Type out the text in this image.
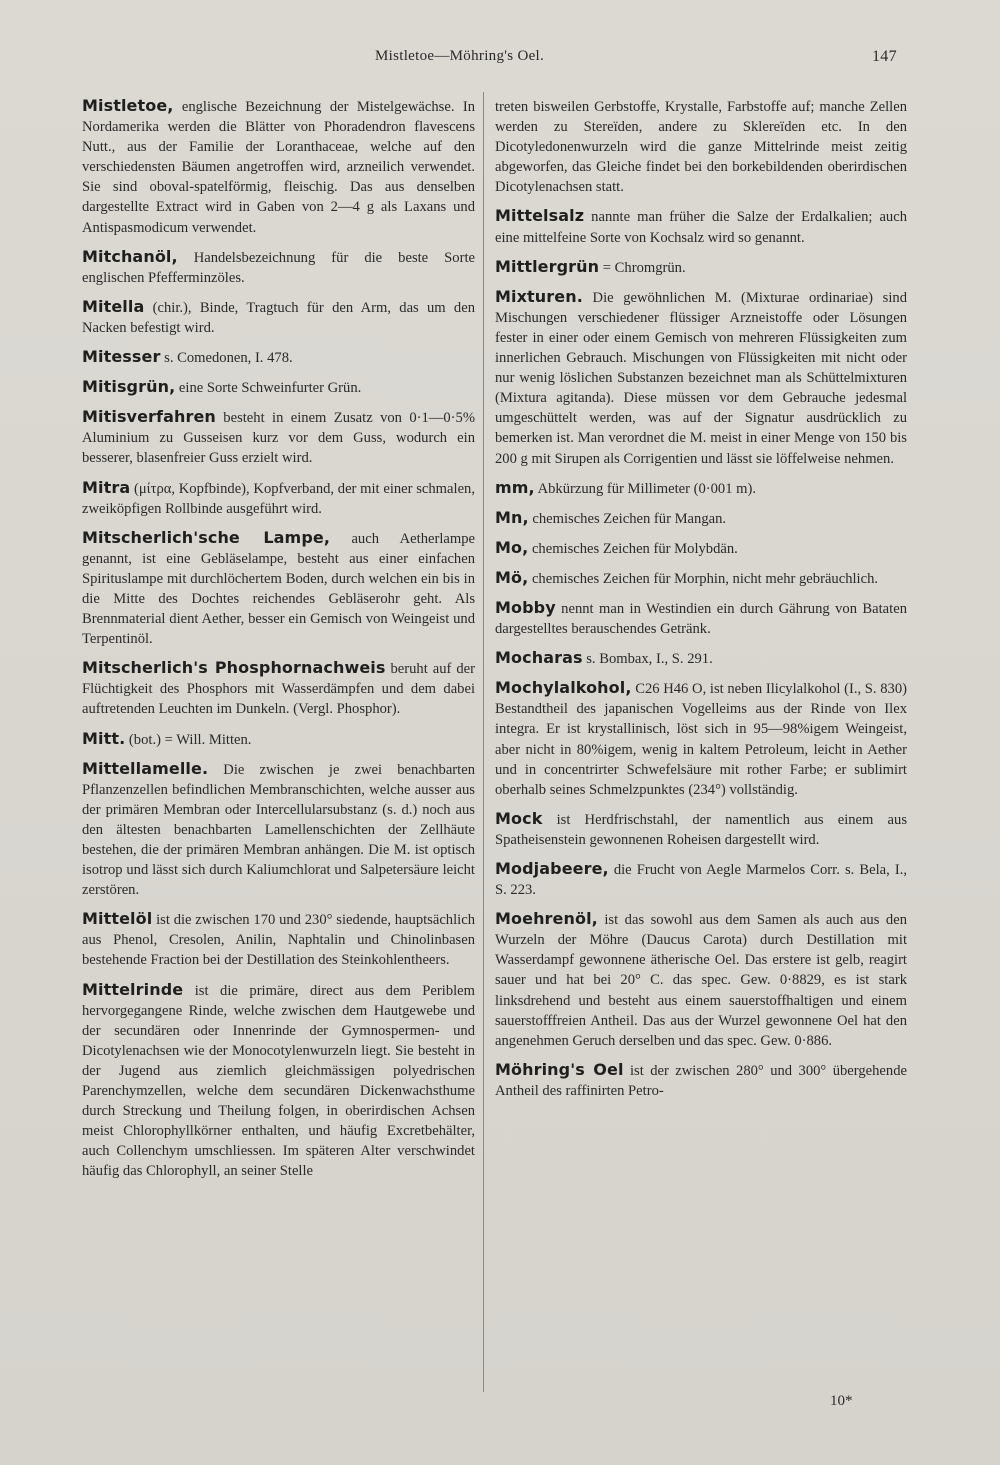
Mistletoe—Möhring's Oel.	147

Mistletoe, englische Bezeichnung der Mistelgewächse. In Nordamerika werden die Blätter von Phoradendron flavescens Nutt., aus der Familie der Loranthaceae, welche auf den verschiedensten Bäumen angetroffen wird, arzneilich verwendet. Sie sind oboval-spatelförmig, fleischig. Das aus denselben dargestellte Extract wird in Gaben von 2—4 g als Laxans und Antispasmodicum verwendet.

Mitchanöl, Handelsbezeichnung für die beste Sorte englischen Pfefferminzöles.

Mitella (chir.), Binde, Tragtuch für den Arm, das um den Nacken befestigt wird.

Mitesser s. Comedonen, I. 478.

Mitisgrün, eine Sorte Schweinfurter Grün.

Mitisverfahren besteht in einem Zusatz von 0·1—0·5% Aluminium zu Gusseisen kurz vor dem Guss, wodurch ein besserer, blasenfreier Guss erzielt wird.

Mitra (μίτρα, Kopfbinde), Kopfverband, der mit einer schmalen, zweiköpfigen Rollbinde ausgeführt wird.

Mitscherlich'sche Lampe, auch Aetherlampe genannt, ist eine Gebläselampe, besteht aus einer einfachen Spirituslampe mit durchlöchertem Boden, durch welchen ein bis in die Mitte des Dochtes reichendes Gebläserohr geht. Als Brennmaterial dient Aether, besser ein Gemisch von Weingeist und Terpentinöl.

Mitscherlich's Phosphornachweis beruht auf der Flüchtigkeit des Phosphors mit Wasserdämpfen und dem dabei auftretenden Leuchten im Dunkeln. (Vergl. Phosphor).

Mitt. (bot.) = Will. Mitten.

Mittellamelle. Die zwischen je zwei benachbarten Pflanzenzellen befindlichen Membranschichten, welche ausser aus der primären Membran oder Intercellularsubstanz (s. d.) noch aus den ältesten benachbarten Lamellenschichten der Zellhäute bestehen, die der primären Membran anhängen. Die M. ist optisch isotrop und lässt sich durch Kaliumchlorat und Salpetersäure leicht zerstören.

Mittelöl ist die zwischen 170 und 230° siedende, hauptsächlich aus Phenol, Cresolen, Anilin, Naphtalin und Chinolinbasen bestehende Fraction bei der Destillation des Steinkohlentheers.

Mittelrinde ist die primäre, direct aus dem Periblem hervorgegangene Rinde, welche zwischen dem Hautgewebe und der secundären oder Innenrinde der Gymnospermen- und Dicotylenachsen wie der Monocotylenwurzeln liegt. Sie besteht in der Jugend aus ziemlich gleichmässigen polyedrischen Parenchymzellen, welche dem secundären Dickenwachsthume durch Streckung und Theilung folgen, in oberirdischen Achsen meist Chlorophyllkörner enthalten, und häufig Excretbehälter, auch Collenchym umschliessen. Im späteren Alter verschwindet häufig das Chlorophyll, an seiner Stelle

treten bisweilen Gerbstoffe, Krystalle, Farbstoffe auf; manche Zellen werden zu Stereïden, andere zu Sklereïden etc. In den Dicotyledonenwurzeln wird die ganze Mittelrinde meist zeitig abgeworfen, das Gleiche findet bei den borkebildenden oberirdischen Dicotylenachsen statt.

Mittelsalz nannte man früher die Salze der Erdalkalien; auch eine mittelfeine Sorte von Kochsalz wird so genannt.

Mittlergrün = Chromgrün.

Mixturen. Die gewöhnlichen M. (Mixturae ordinariae) sind Mischungen verschiedener flüssiger Arzneistoffe oder Lösungen fester in einer oder einem Gemisch von mehreren Flüssigkeiten zum innerlichen Gebrauch. Mischungen von Flüssigkeiten mit nicht oder nur wenig löslichen Substanzen bezeichnet man als Schüttelmixturen (Mixtura agitanda). Diese müssen vor dem Gebrauche jedesmal umgeschüttelt werden, was auf der Signatur ausdrücklich zu bemerken ist. Man verordnet die M. meist in einer Menge von 150 bis 200 g mit Sirupen als Corrigentien und lässt sie löffelweise nehmen.

mm, Abkürzung für Millimeter (0·001 m).

Mn, chemisches Zeichen für Mangan.

Mo, chemisches Zeichen für Molybdän.

Mö, chemisches Zeichen für Morphin, nicht mehr gebräuchlich.

Mobby nennt man in Westindien ein durch Gährung von Bataten dargestelltes berauschendes Getränk.

Mocharas s. Bombax, I., S. 291.

Mochylalkohol, C26 H46 O, ist neben Ilicylalkohol (I., S. 830) Bestandtheil des japanischen Vogelleims aus der Rinde von Ilex integra. Er ist krystallinisch, löst sich in 95—98%igem Weingeist, aber nicht in 80%igem, wenig in kaltem Petroleum, leicht in Aether und in concentrirter Schwefelsäure mit rother Farbe; er sublimirt oberhalb seines Schmelzpunktes (234°) vollständig.

Mock ist Herdfrischstahl, der namentlich aus einem aus Spatheisenstein gewonnenen Roheisen dargestellt wird.

Modjabeere, die Frucht von Aegle Marmelos Corr. s. Bela, I., S. 223.

Moehrenöl, ist das sowohl aus dem Samen als auch aus den Wurzeln der Möhre (Daucus Carota) durch Destillation mit Wasserdampf gewonnene ätherische Oel. Das erstere ist gelb, reagirt sauer und hat bei 20° C. das spec. Gew. 0·8829, es ist stark linksdrehend und besteht aus einem sauerstoffhaltigen und einem sauerstofffreien Antheil. Das aus der Wurzel gewonnene Oel hat den angenehmen Geruch derselben und das spec. Gew. 0·886.

Möhring's Oel ist der zwischen 280° und 300° übergehende Antheil des raffinirten Petro-

10*
